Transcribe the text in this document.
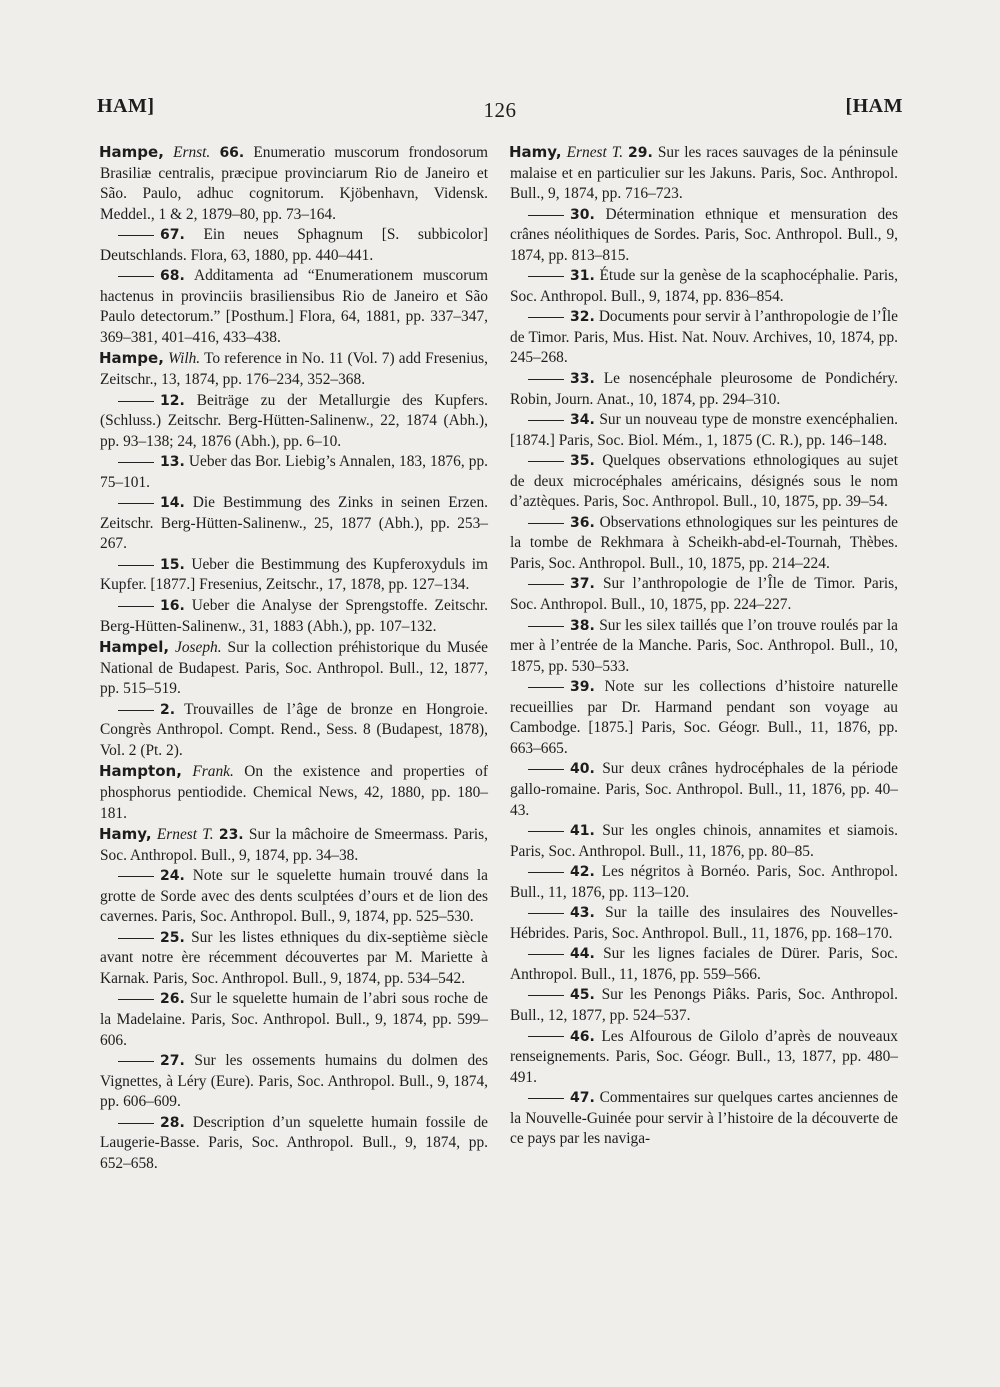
HAM]	126	[HAM

Hampe, Ernst. 66. Enumeratio muscorum frondosorum Brasiliæ centralis, præcipue provinciarum Rio de Janeiro et São. Paulo, adhuc cognitorum. Kjöbenhavn, Vidensk. Meddel., 1 & 2, 1879–80, pp. 73–164.

67. Ein neues Sphagnum [S. subbicolor] Deutschlands. Flora, 63, 1880, pp. 440–441.

68. Additamenta ad “Enumerationem muscorum hactenus in provinciis brasiliensibus Rio de Janeiro et São Paulo detectorum.” [Posthum.] Flora, 64, 1881, pp. 337–347, 369–381, 401–416, 433–438.

Hampe, Wilh. To reference in No. 11 (Vol. 7) add Fresenius, Zeitschr., 13, 1874, pp. 176–234, 352–368.

12. Beiträge zu der Metallurgie des Kupfers. (Schluss.) Zeitschr. Berg-Hütten-Salinenw., 22, 1874 (Abh.), pp. 93–138; 24, 1876 (Abh.), pp. 6–10.

13. Ueber das Bor. Liebig’s Annalen, 183, 1876, pp. 75–101.

14. Die Bestimmung des Zinks in seinen Erzen. Zeitschr. Berg-Hütten-Salinenw., 25, 1877 (Abh.), pp. 253–267.

15. Ueber die Bestimmung des Kupferoxyduls im Kupfer. [1877.] Fresenius, Zeitschr., 17, 1878, pp. 127–134.

16. Ueber die Analyse der Sprengstoffe. Zeitschr. Berg-Hütten-Salinenw., 31, 1883 (Abh.), pp. 107–132.

Hampel, Joseph. Sur la collection préhistorique du Musée National de Budapest. Paris, Soc. Anthropol. Bull., 12, 1877, pp. 515–519.

2. Trouvailles de l’âge de bronze en Hongroie. Congrès Anthropol. Compt. Rend., Sess. 8 (Budapest, 1878), Vol. 2 (Pt. 2).

Hampton, Frank. On the existence and properties of phosphorus pentiodide. Chemical News, 42, 1880, pp. 180–181.

Hamy, Ernest T. 23. Sur la mâchoire de Smeermass. Paris, Soc. Anthropol. Bull., 9, 1874, pp. 34–38.

24. Note sur le squelette humain trouvé dans la grotte de Sorde avec des dents sculptées d’ours et de lion des cavernes. Paris, Soc. Anthropol. Bull., 9, 1874, pp. 525–530.

25. Sur les listes ethniques du dix-septième siècle avant notre ère récemment découvertes par M. Mariette à Karnak. Paris, Soc. Anthropol. Bull., 9, 1874, pp. 534–542.

26. Sur le squelette humain de l’abri sous roche de la Madelaine. Paris, Soc. Anthropol. Bull., 9, 1874, pp. 599–606.

27. Sur les ossements humains du dolmen des Vignettes, à Léry (Eure). Paris, Soc. Anthropol. Bull., 9, 1874, pp. 606–609.

28. Description d’un squelette humain fossile de Laugerie-Basse. Paris, Soc. Anthropol. Bull., 9, 1874, pp. 652–658.

Hamy, Ernest T. 29. Sur les races sauvages de la péninsule malaise et en particulier sur les Jakuns. Paris, Soc. Anthropol. Bull., 9, 1874, pp. 716–723.

30. Détermination ethnique et mensuration des crânes néolithiques de Sordes. Paris, Soc. Anthropol. Bull., 9, 1874, pp. 813–815.

31. Étude sur la genèse de la scaphocéphalie. Paris, Soc. Anthropol. Bull., 9, 1874, pp. 836–854.

32. Documents pour servir à l’anthropologie de l’Île de Timor. Paris, Mus. Hist. Nat. Nouv. Archives, 10, 1874, pp. 245–268.

33. Le nosencéphale pleurosome de Pondichéry. Robin, Journ. Anat., 10, 1874, pp. 294–310.

34. Sur un nouveau type de monstre exencéphalien. [1874.] Paris, Soc. Biol. Mém., 1, 1875 (C. R.), pp. 146–148.

35. Quelques observations ethnologiques au sujet de deux microcéphales américains, désignés sous le nom d’aztèques. Paris, Soc. Anthropol. Bull., 10, 1875, pp. 39–54.

36. Observations ethnologiques sur les peintures de la tombe de Rekhmara à Scheikh-abd-el-Tournah, Thèbes. Paris, Soc. Anthropol. Bull., 10, 1875, pp. 214–224.

37. Sur l’anthropologie de l’Île de Timor. Paris, Soc. Anthropol. Bull., 10, 1875, pp. 224–227.

38. Sur les silex taillés que l’on trouve roulés par la mer à l’entrée de la Manche. Paris, Soc. Anthropol. Bull., 10, 1875, pp. 530–533.

39. Note sur les collections d’histoire naturelle recueillies par Dr. Harmand pendant son voyage au Cambodge. [1875.] Paris, Soc. Géogr. Bull., 11, 1876, pp. 663–665.

40. Sur deux crânes hydrocéphales de la période gallo-romaine. Paris, Soc. Anthropol. Bull., 11, 1876, pp. 40–43.

41. Sur les ongles chinois, annamites et siamois. Paris, Soc. Anthropol. Bull., 11, 1876, pp. 80–85.

42. Les négritos à Bornéo. Paris, Soc. Anthropol. Bull., 11, 1876, pp. 113–120.

43. Sur la taille des insulaires des Nouvelles-Hébrides. Paris, Soc. Anthropol. Bull., 11, 1876, pp. 168–170.

44. Sur les lignes faciales de Dürer. Paris, Soc. Anthropol. Bull., 11, 1876, pp. 559–566.

45. Sur les Penongs Piâks. Paris, Soc. Anthropol. Bull., 12, 1877, pp. 524–537.

46. Les Alfourous de Gilolo d’après de nouveaux renseignements. Paris, Soc. Géogr. Bull., 13, 1877, pp. 480–491.

47. Commentaires sur quelques cartes anciennes de la Nouvelle-Guinée pour servir à l’histoire de la découverte de ce pays par les naviga-
